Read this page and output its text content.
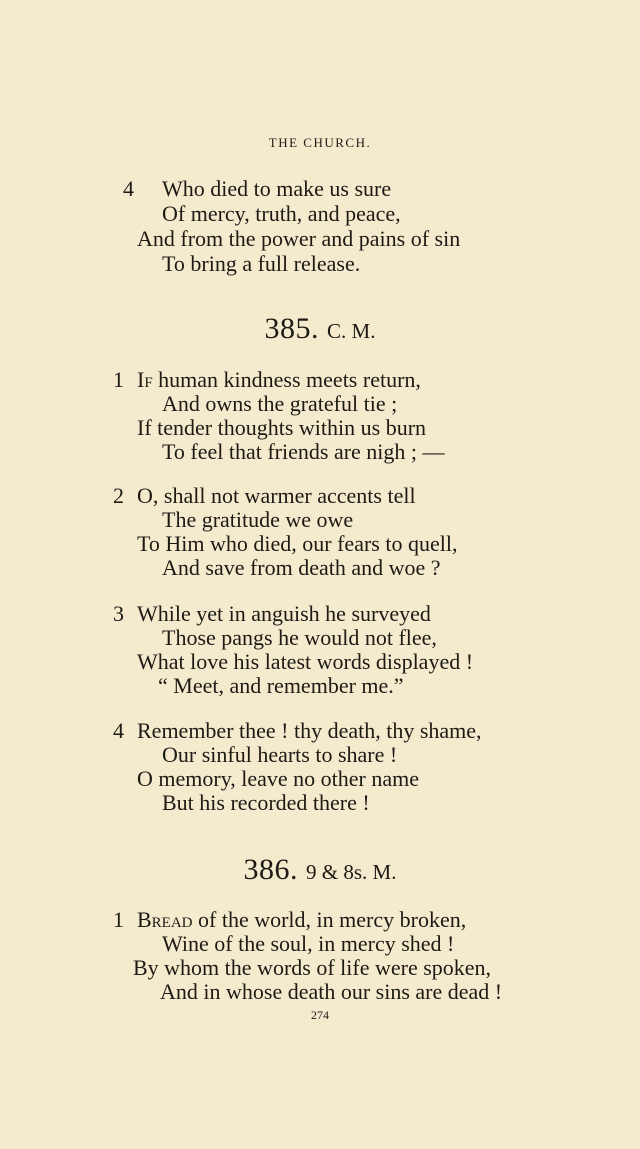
THE CHURCH.
4 Who died to make us sure
Of mercy, truth, and peace,
And from the power and pains of sin
To bring a full release.
385. C. M.
1 If human kindness meets return,
And owns the grateful tie ;
If tender thoughts within us burn
To feel that friends are nigh ; —
2 O, shall not warmer accents tell
The gratitude we owe
To Him who died, our fears to quell,
And save from death and woe ?
3 While yet in anguish he surveyed
Those pangs he would not flee,
What love his latest words displayed !
“ Meet, and remember me.”
4 Remember thee ! thy death, thy shame,
Our sinful hearts to share !
O memory, leave no other name
But his recorded there !
386. 9 & 8s. M.
1 Bread of the world, in mercy broken,
Wine of the soul, in mercy shed !
By whom the words of life were spoken,
And in whose death our sins are dead !
274
